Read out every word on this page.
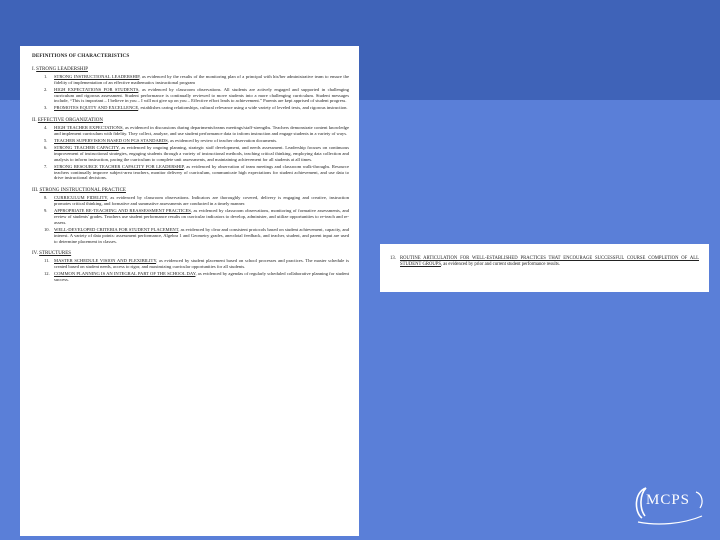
DEFINITIONS OF CHARACTERISTICS
I. STRONG LEADERSHIP
1.	STRONG INSTRUCTIONAL LEADERSHIP, as evidenced by the results of the monitoring plan of a principal with his/her administrative team to ensure the fidelity of implementation of an effective mathematics instructional program
2.	HIGH EXPECTATIONS FOR STUDENTS, as evidenced by classroom observations. All students are actively engaged and supported in challenging curriculum and rigorous assessment. Student performance is continually reviewed to move students into a more challenging curriculum. Student messages include, “This is important – I believe in you – I will not give up on you – Effective effort leads to achievement.” Parents are kept apprised of student progress.
3.	PROMOTES EQUITY AND EXCELLENCE, establishes caring relationships, cultural relevance using a wide variety of leveled texts, and rigorous instruction.
II. EFFECTIVE ORGANIZATION
4.	HIGH TEACHER EXPECTATIONS, as evidenced in discussions during departments/teams meetings/staff-strengths. Teachers demonstrate content knowledge and implement curriculum with fidelity. They collect, analyze, and use student performance data to inform instruction and engage students in a variety of ways.
5.	TEACHER SUPERVISION BASED ON PGS STANDARDS, as evidenced by review of teacher observation documents.
6.	STRONG TEACHER CAPACITY, as evidenced by ongoing planning, strategic staff development, and needs assessment. Leadership focuses on continuous improvement of instructional strategies, engaging students through a variety of instructional methods, teaching critical thinking, employing data collection and analysis to inform instruction, pacing the curriculum to complete unit assessments, and maintaining achievement for all students at all times.
7.	STRONG RESOURCE TEACHER CAPACITY FOR LEADERSHIP, as evidenced by observation of team meetings and classroom walk-throughs. Resource teachers continually improve subject-area teachers, monitor delivery of curriculum, communicate high expectations for student achievement, and use data to drive instructional decisions.
III. STRONG INSTRUCTIONAL PRACTICE
8.	CURRICULUM FIDELITY, as evidenced by classroom observations. Indicators are thoroughly covered, delivery is engaging and creative, instruction promotes critical thinking, and formative and summative assessments are conducted in a timely manner.
9.	APPROPRIATE RE-TEACHING AND REASSESSMENT PRACTICES, as evidenced by classroom observations, monitoring of formative assessments, and review of students' grades. Teachers use student performance results on curricular indicators to develop, administer, and utilize opportunities to re-teach and re-assess.
10. WELL-DEVELOPED CRITERIA FOR STUDENT PLACEMENT, as evidenced by clear and consistent protocols based on student achievement, capacity, and interest. A variety of data points: assessment performance, Algebra 1 and Geometry grades, anecdotal feedback, and teacher, student, and parent input are used to determine placement in classes.
IV. STRUCTURES
11. MASTER SCHEDULE VISION AND FLEXIBILITY, as evidenced by student placement based on school processes and practices. The master schedule is created based on student needs, access to rigor, and maximizing curricular opportunities for all students.
12. COMMON PLANNING IS AN INTEGRAL PART OF THE SCHOOL DAY, as evidenced by agendas of regularly scheduled collaborative planning for student success.
13. ROUTINE ARTICULATION FOR WELL-ESTABLISHED PRACTICES THAT ENCOURAGE SUCCESSFUL COURSE COMPLETION OF ALL STUDENT GROUPS, as evidenced by prior and current student performance results.
MCPS
